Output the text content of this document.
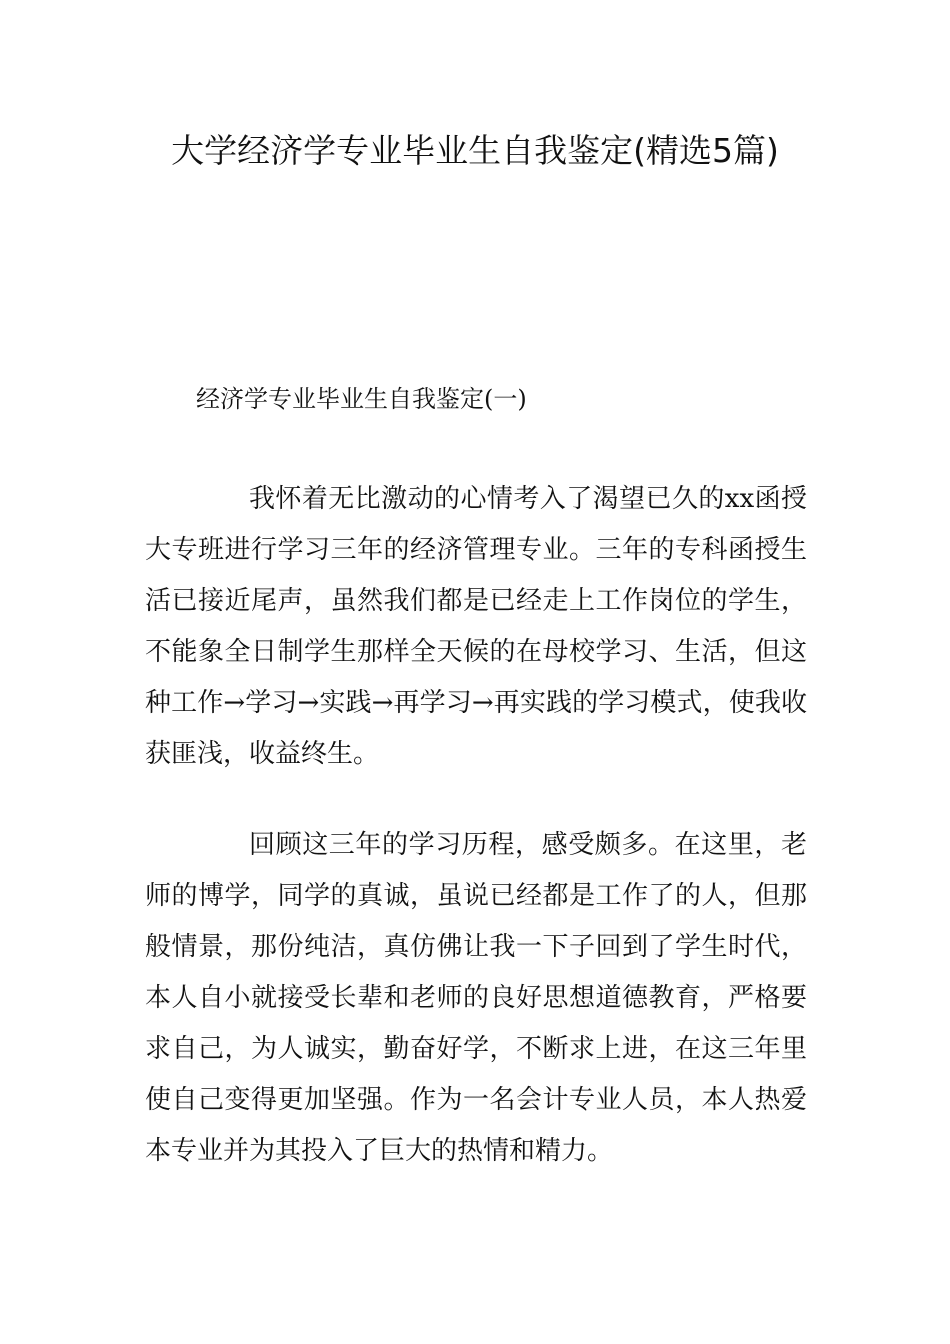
大学经济学专业毕业生自我鉴定(精选5篇)

经济学专业毕业生自我鉴定(一)

我怀着无比激动的心情考入了渴望已久的xx函授大专班进行学习三年的经济管理专业。三年的专科函授生活已接近尾声，虽然我们都是已经走上工作岗位的学生，不能象全日制学生那样全天候的在母校学习、生活，但这种工作→学习→实践→再学习→再实践的学习模式，使我收获匪浅，收益终生。

回顾这三年的学习历程，感受颇多。在这里，老师的博学，同学的真诚，虽说已经都是工作了的人，但那般情景，那份纯洁，真仿佛让我一下子回到了学生时代，本人自小就接受长辈和老师的良好思想道德教育，严格要求自己，为人诚实，勤奋好学，不断求上进，在这三年里使自己变得更加坚强。作为一名会计专业人员，本人热爱本专业并为其投入了巨大的热情和精力。
